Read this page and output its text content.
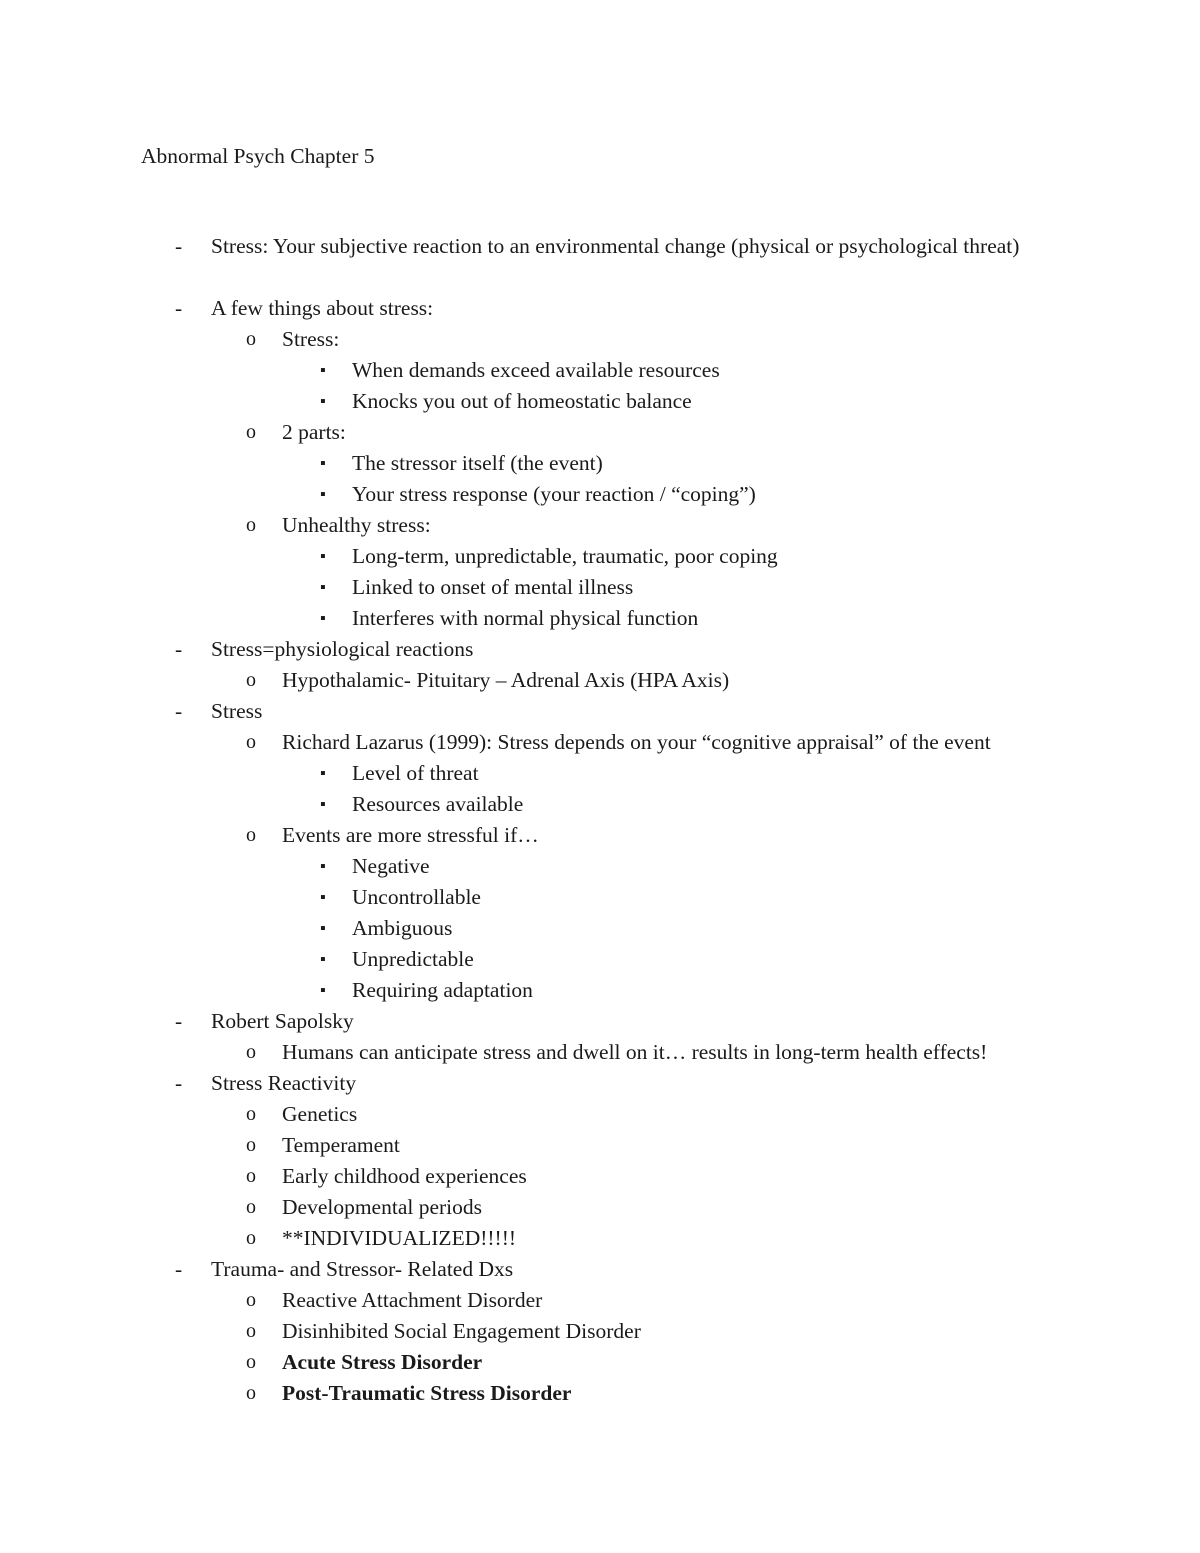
Abnormal Psych Chapter 5
- Stress: Your subjective reaction to an environmental change (physical or psychological threat)
- A few things about stress:
o Stress:
▪ When demands exceed available resources
▪ Knocks you out of homeostatic balance
o 2 parts:
▪ The stressor itself (the event)
▪ Your stress response (your reaction / “coping”)
o Unhealthy stress:
▪ Long-term, unpredictable, traumatic, poor coping
▪ Linked to onset of mental illness
▪ Interferes with normal physical function
- Stress=physiological reactions
o Hypothalamic- Pituitary – Adrenal Axis (HPA Axis)
- Stress
o Richard Lazarus (1999): Stress depends on your “cognitive appraisal” of the event
▪ Level of threat
▪ Resources available
o Events are more stressful if…
▪ Negative
▪ Uncontrollable
▪ Ambiguous
▪ Unpredictable
▪ Requiring adaptation
- Robert Sapolsky
o Humans can anticipate stress and dwell on it… results in long-term health effects!
- Stress Reactivity
o Genetics
o Temperament
o Early childhood experiences
o Developmental periods
o **INDIVIDUALIZED!!!!!
- Trauma- and Stressor- Related Dxs
o Reactive Attachment Disorder
o Disinhibited Social Engagement Disorder
o Acute Stress Disorder
o Post-Traumatic Stress Disorder
